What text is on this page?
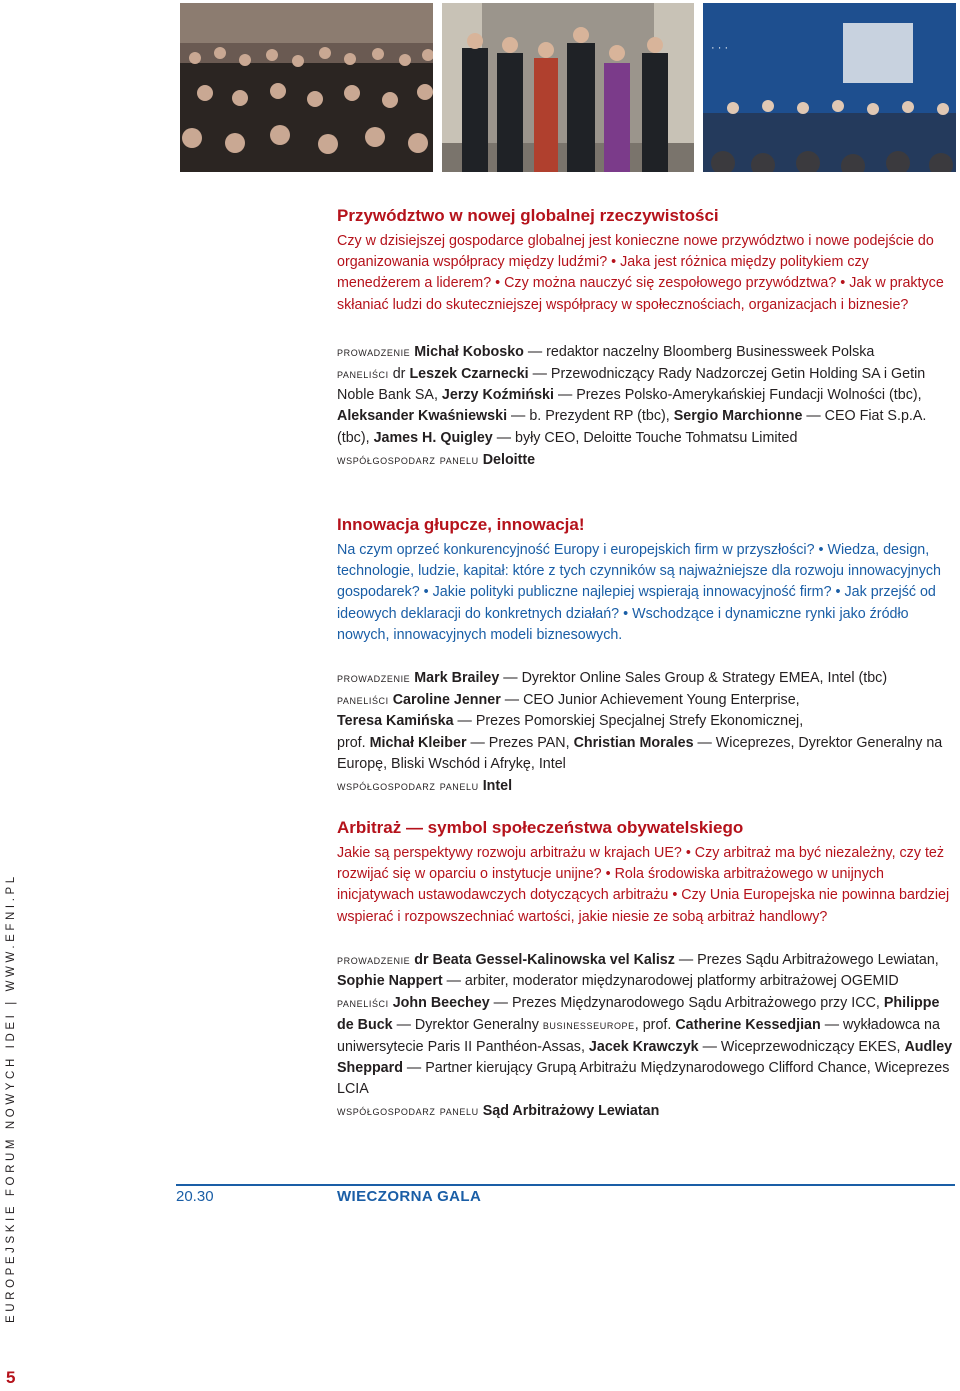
· · ·
Przywództwo w nowej globalnej rzeczywistości

Czy w dzisiejszej gospodarce globalnej jest konieczne nowe przywództwo i nowe podejście do organizowania współpracy między ludźmi? • Jaka jest różnica między politykiem czy menedżerem a liderem? • Czy można nauczyć się zespołowego przywództwa? • Jak w praktyce skłaniać ludzi do skuteczniejszej współpracy w społecznościach, organizacjach i biznesie?

prowadzenie Michał Kobosko — redaktor naczelny Bloomberg Businessweek Polska
paneliści dr Leszek Czarnecki — Przewodniczący Rady Nadzorczej Getin Holding SA i Getin Noble Bank SA, Jerzy Koźmiński — Prezes Polsko-Amerykańskiej Fundacji Wolności (tbc), Aleksander Kwaśniewski — b. Prezydent RP (tbc), Sergio Marchionne — CEO Fiat S.p.A. (tbc), James H. Quigley — były CEO, Deloitte Touche Tohmatsu Limited
współgospodarz panelu Deloitte
Innowacja głupcze, innowacja!

Na czym oprzeć konkurencyjność Europy i europejskich firm w przyszłości? • Wiedza, design, technologie, ludzie, kapitał: które z tych czynników są najważniejsze dla rozwoju innowacyjnych gospodarek? • Jakie polityki publiczne najlepiej wspierają innowacyjność firm? • Jak przejść od ideowych deklaracji do konkretnych działań? • Wschodzące i dynamiczne rynki jako źródło nowych, innowacyjnych modeli biznesowych.

prowadzenie Mark Brailey — Dyrektor Online Sales Group & Strategy EMEA, Intel (tbc)
paneliści Caroline Jenner — CEO Junior Achievement Young Enterprise,
Teresa Kamińska — Prezes Pomorskiej Specjalnej Strefy Ekonomicznej,
prof. Michał Kleiber — Prezes PAN, Christian Morales — Wiceprezes, Dyrektor Generalny na Europę, Bliski Wschód i Afrykę, Intel
współgospodarz panelu Intel
Arbitraż — symbol społeczeństwa obywatelskiego

Jakie są perspektywy rozwoju arbitrażu w krajach UE? • Czy arbitraż ma być niezależny, czy też rozwijać się w oparciu o instytucje unijne? • Rola środowiska arbitrażowego w unijnych inicjatywach ustawodawczych dotyczących arbitrażu • Czy Unia Europejska nie powinna bardziej wspierać i rozpowszechniać wartości, jakie niesie ze sobą arbitraż handlowy?

prowadzenie dr Beata Gessel-Kalinowska vel Kalisz — Prezes Sądu Arbitrażowego Lewiatan, Sophie Nappert — arbiter, moderator międzynarodowej platformy arbitrażowej OGEMID
paneliści John Beechey — Prezes Międzynarodowego Sądu Arbitrażowego przy ICC, Philippe de Buck — Dyrektor Generalny businesseurope, prof. Catherine Kessedjian — wykładowca na uniwersytecie Paris II Panthéon-Assas, Jacek Krawczyk — Wiceprzewodniczący EKES, Audley Sheppard — Partner kierujący Grupą Arbitrażu Międzynarodowego Clifford Chance, Wiceprezes LCIA
współgospodarz panelu Sąd Arbitrażowy Lewiatan
20.30	WIECZORNA GALA
EUROPEJSKIE FORUM NOWYCH IDEI | WWW.EFNI.PL
5
